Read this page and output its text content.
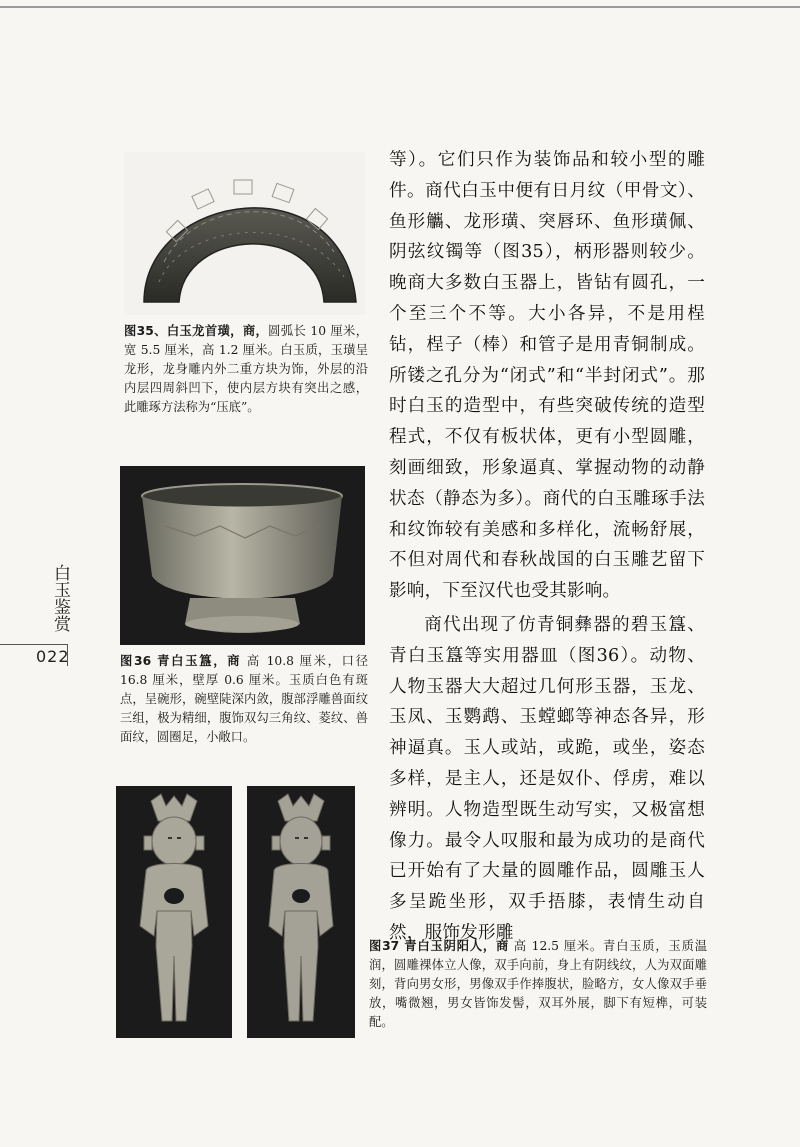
图35、白玉龙首璜，商，圆弧长 10 厘米，宽 5.5 厘米，高 1.2 厘米。白玉质，玉璜呈龙形，龙身雕内外二重方块为饰，外层的沿内层四周斜凹下，使内层方块有突出之感，此雕琢方法称为“压底”。
图36 青白玉簋，商 高 10.8 厘米，口径 16.8 厘米，壁厚 0.6 厘米。玉质白色有斑点，呈碗形，碗壁陡深内敛，腹部浮雕兽面纹三组，极为精细，腹饰双勾三角纹、菱纹、兽面纹，圆圈足，小敞口。

等）。它们只作为装饰品和较小型的雕件。商代白玉中便有日月纹（甲骨文）、鱼形觿、龙形璜、突唇环、鱼形璜佩、阴弦纹镯等（图35），柄形器则较少。晚商大多数白玉器上，皆钻有圆孔，一个至三个不等。大小各异，不是用桯钻，桯子（棒）和管子是用青铜制成。所镂之孔分为“闭式”和“半封闭式”。那时白玉的造型中，有些突破传统的造型程式，不仅有板状体，更有小型圆雕，刻画细致，形象逼真、掌握动物的动静状态（静态为多）。商代的白玉雕琢手法和纹饰较有美感和多样化，流畅舒展，不但对周代和春秋战国的白玉雕艺留下影响，下至汉代也受其影响。

商代出现了仿青铜彝器的碧玉簋、青白玉簋等实用器皿（图36）。动物、人物玉器大大超过几何形玉器，玉龙、玉凤、玉鹦鹉、玉螳螂等神态各异，形神逼真。玉人或站，或跪，或坐，姿态多样，是主人，还是奴仆、俘虏，难以辨明。人物造型既生动写实，又极富想像力。最令人叹服和最为成功的是商代已开始有了大量的圆雕作品，圆雕玉人多呈跪坐形，双手捂膝，表情生动自然，服饰发形雕

图37 青白玉阴阳人，商 高 12.5 厘米。青白玉质，玉质温润，圆雕裸体立人像，双手向前，身上有阴线纹，人为双面雕刻，背向男女形，男像双手作捧腹状，脸略方，女人像双手垂放，嘴微翘，男女皆饰发髻，双耳外展，脚下有短榫，可装配。
白玉鉴赏
022
